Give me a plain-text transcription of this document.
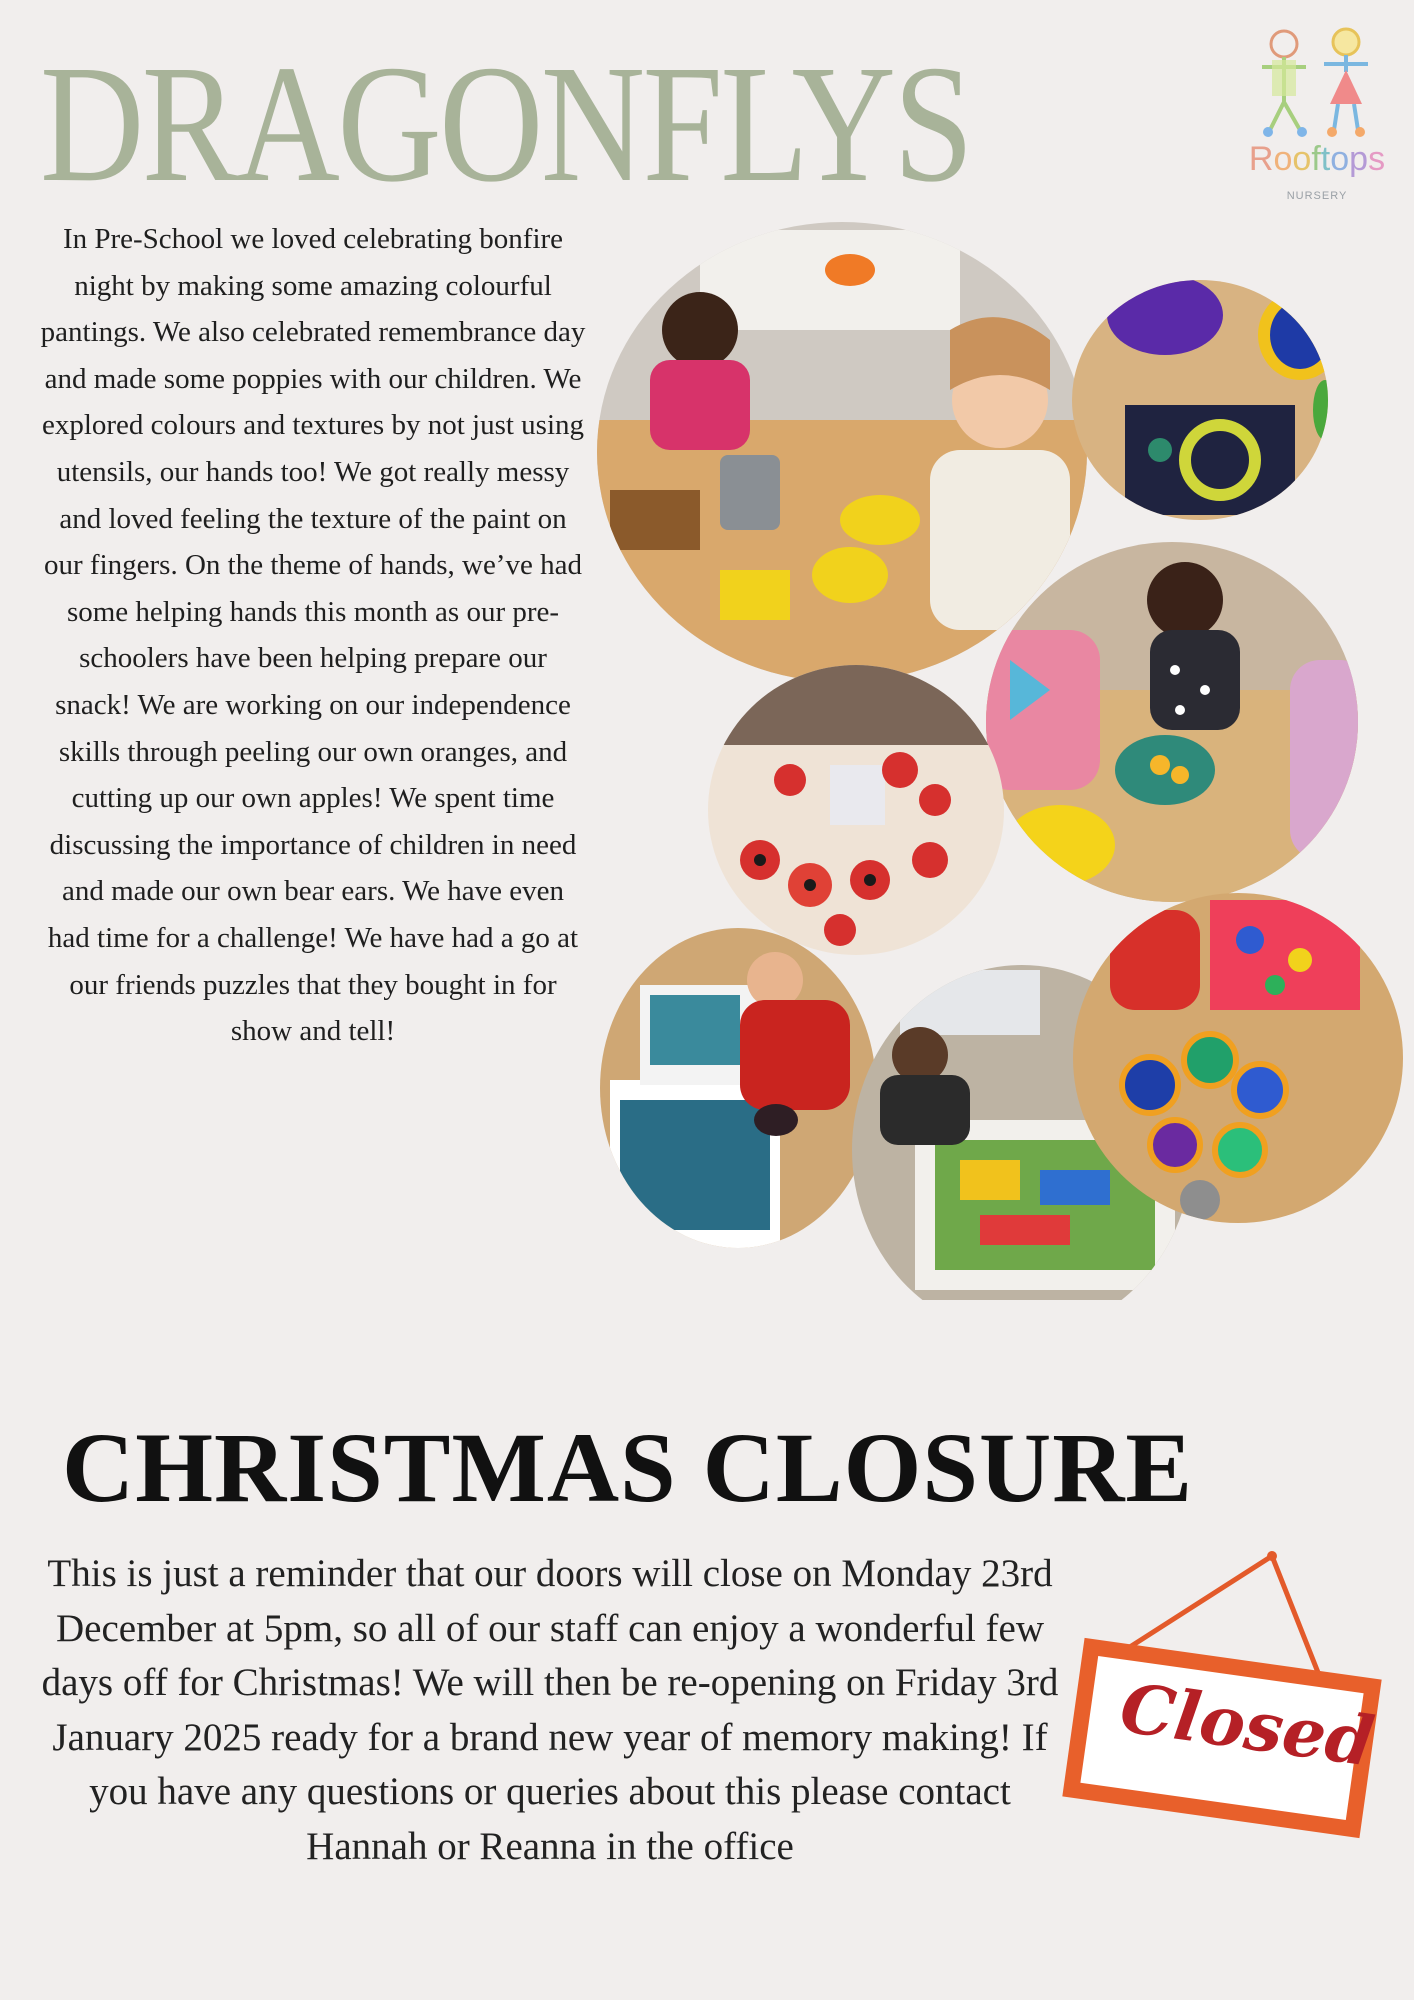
DRAGONFLYS	Rooftops
NURSERY

In Pre-School we loved celebrating bonfire night by making some amazing colourful pantings. We also celebrated remembrance day and made some poppies with our children. We explored colours and textures by not just using utensils, our hands too! We got really messy and loved feeling the texture of the paint on our fingers. On the theme of hands, we’ve had some helping hands this month as our pre-schoolers have been helping prepare our snack! We are working on our independence skills through peeling our own oranges, and cutting up our own apples! We spent time discussing the importance of children in need and made our own bear ears. We have even had time for a challenge! We have had a go at our friends puzzles that they bought in for show and tell!

CHRISTMAS CLOSURE

This is just a reminder that our doors will close on Monday 23rd December at 5pm, so all of our staff can enjoy a wonderful few days off for Christmas! We will then be re-opening on Friday 3rd January 2025 ready for a brand new year of memory making! If you have any questions or queries about this please contact Hannah or Reanna in the office

Closed
